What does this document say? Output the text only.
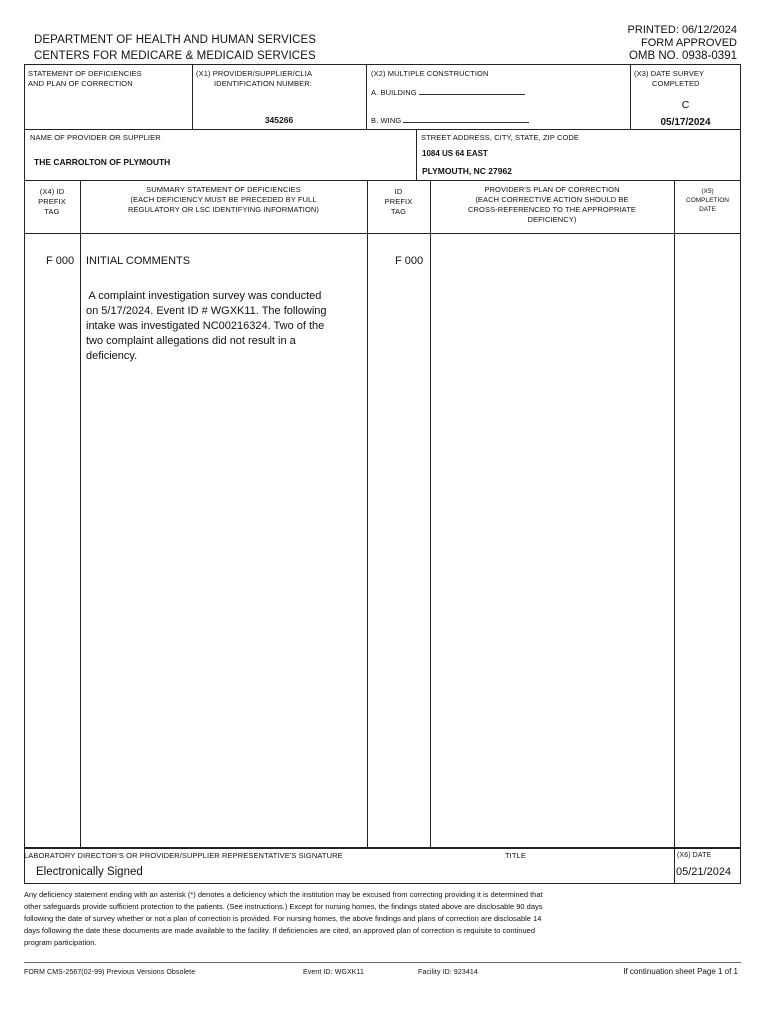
DEPARTMENT OF HEALTH AND HUMAN SERVICES
CENTERS FOR MEDICARE & MEDICAID SERVICES
PRINTED: 06/12/2024
FORM APPROVED
OMB NO. 0938-0391
STATEMENT OF DEFICIENCIES
AND PLAN OF CORRECTION
(X1) PROVIDER/SUPPLIER/CLIA
IDENTIFICATION NUMBER:
345266
(X2) MULTIPLE CONSTRUCTION
A. BUILDING
B. WING
(X3) DATE SURVEY
COMPLETED
C
05/17/2024
NAME OF PROVIDER OR SUPPLIER
THE CARROLTON OF PLYMOUTH
STREET ADDRESS, CITY, STATE, ZIP CODE
1084 US 64 EAST
PLYMOUTH, NC 27962
(X4) ID
PREFIX
TAG
SUMMARY STATEMENT OF DEFICIENCIES
(EACH DEFICIENCY MUST BE PRECEDED BY FULL
REGULATORY OR LSC IDENTIFYING INFORMATION)
ID
PREFIX
TAG
PROVIDER'S PLAN OF CORRECTION
(EACH CORRECTIVE ACTION SHOULD BE
CROSS-REFERENCED TO THE APPROPRIATE
DEFICIENCY)
(X5)
COMPLETION
DATE
F 000 INITIAL COMMENTS	F 000
A complaint investigation survey was conducted
on 5/17/2024. Event ID # WGXK11. The following
intake was investigated NC00216324. Two of the
two complaint allegations did not result in a
deficiency.
LABORATORY DIRECTOR'S OR PROVIDER/SUPPLIER REPRESENTATIVE'S SIGNATURE
Electronically Signed
TITLE	(X6) DATE
05/21/2024
Any deficiency statement ending with an asterisk (*) denotes a deficiency which the institution may be excused from correcting providing it is determined that
other safeguards provide sufficient protection to the patients. (See instructions.) Except for nursing homes, the findings stated above are disclosable 90 days
following the date of survey whether or not a plan of correction is provided. For nursing homes, the above findings and plans of correction are disclosable 14
days following the date these documents are made available to the facility. If deficiencies are cited, an approved plan of correction is requisite to continued
program participation.
FORM CMS-2567(02-99) Previous Versions Obsolete	Event ID: WGXK11	Facility ID: 923414	If continuation sheet Page 1 of 1
